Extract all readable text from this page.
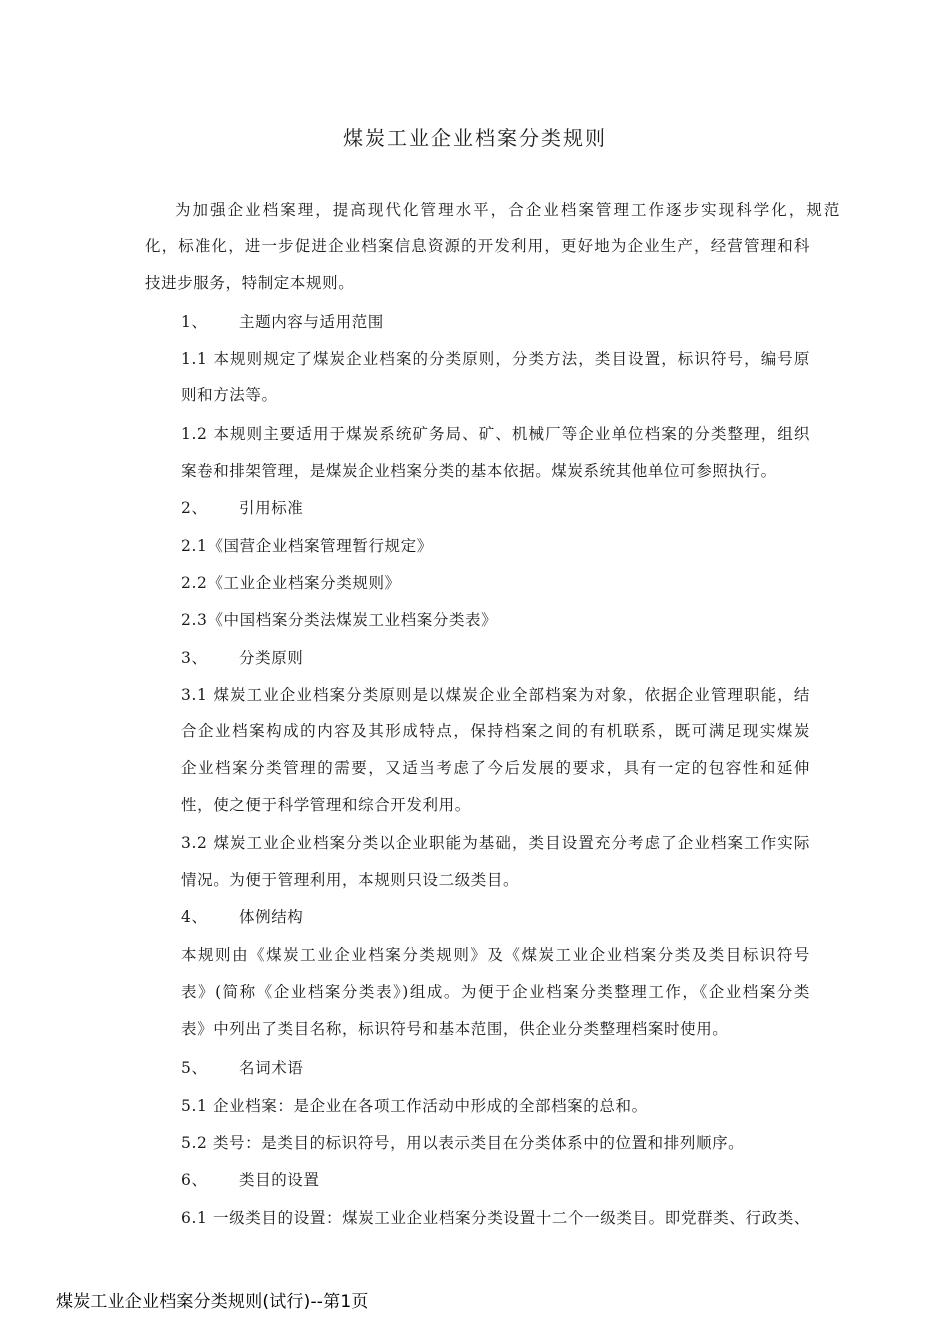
煤炭工业企业档案分类规则
为加强企业档案理，提高现代化管理水平，合企业档案管理工作逐步实现科学化，规范
化，标准化，进一步促进企业档案信息资源的开发利用，更好地为企业生产，经营管理和科
技进步服务，特制定本规则。
1、 主题内容与适用范围
1.1 本规则规定了煤炭企业档案的分类原则，分类方法，类目设置，标识符号，编号原
则和方法等。
1.2 本规则主要适用于煤炭系统矿务局、矿、机械厂等企业单位档案的分类整理，组织
案卷和排架管理，是煤炭企业档案分类的基本依据。煤炭系统其他单位可参照执行。
2、 引用标准
2.1《国营企业档案管理暂行规定》
2.2《工业企业档案分类规则》
2.3《中国档案分类法煤炭工业档案分类表》
3、 分类原则
3.1 煤炭工业企业档案分类原则是以煤炭企业全部档案为对象，依据企业管理职能，结
合企业档案构成的内容及其形成特点，保持档案之间的有机联系，既可满足现实煤炭
企业档案分类管理的需要，又适当考虑了今后发展的要求，具有一定的包容性和延伸
性，使之便于科学管理和综合开发利用。
3.2 煤炭工业企业档案分类以企业职能为基础，类目设置充分考虑了企业档案工作实际
情况。为便于管理利用，本规则只设二级类目。
4、 体例结构
本规则由《煤炭工业企业档案分类规则》及《煤炭工业企业档案分类及类目标识符号
表》(简称《企业档案分类表》)组成。为便于企业档案分类整理工作，《企业档案分类
表》中列出了类目名称，标识符号和基本范围，供企业分类整理档案时使用。
5、 名词术语
5.1 企业档案：是企业在各项工作活动中形成的全部档案的总和。
5.2 类号：是类目的标识符号，用以表示类目在分类体系中的位置和排列顺序。
6、 类目的设置
6.1 一级类目的设置：煤炭工业企业档案分类设置十二个一级类目。即党群类、行政类、
煤炭工业企业档案分类规则(试行)--第1页
